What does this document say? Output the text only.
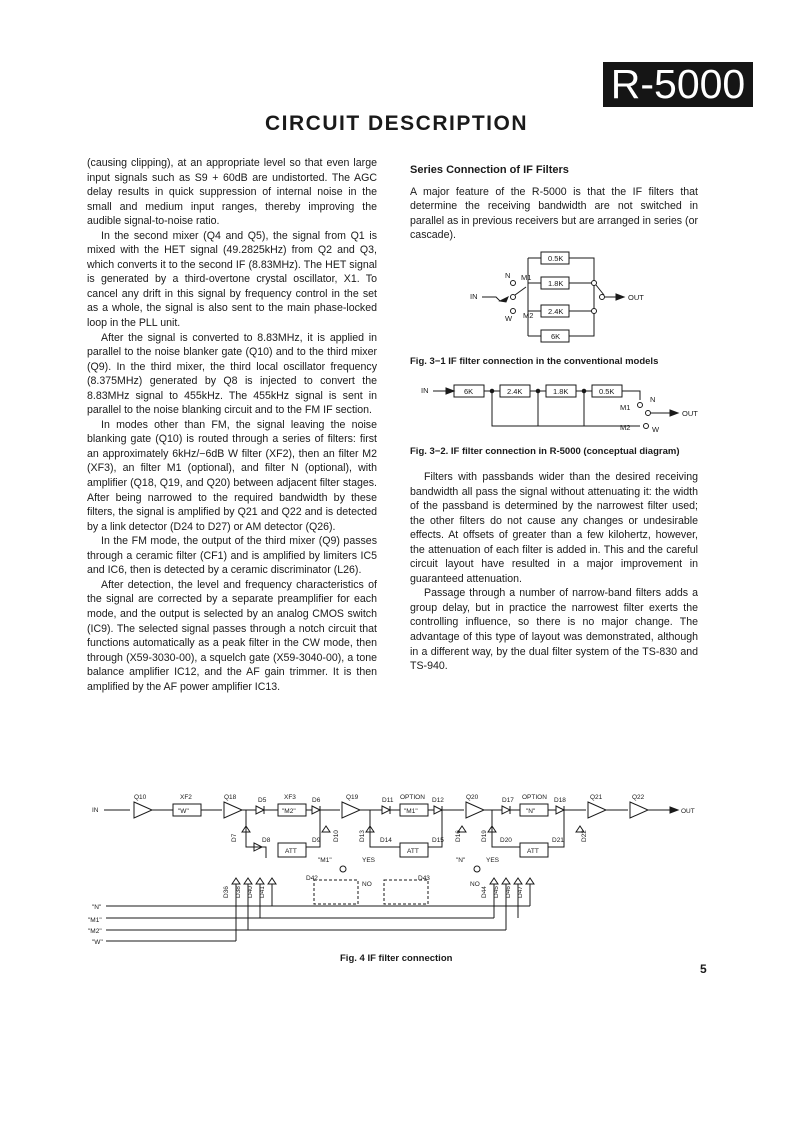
R-5000
CIRCUIT DESCRIPTION

(causing clipping), at an appropriate level so that even large input signals such as S9 + 60dB are undistorted. The AGC delay results in quick suppression of internal noise in the small and medium input ranges, thereby improving the audible signal-to-noise ratio.

In the second mixer (Q4 and Q5), the signal from Q1 is mixed with the HET signal (49.2825kHz) from Q2 and Q3, which converts it to the second IF (8.83MHz). The HET signal is generated by a third-overtone crystal oscillator, X1. To cancel any drift in this signal by frequency control in the set as a whole, the signal is also sent to the main phase-locked loop in the PLL unit.

After the signal is converted to 8.83MHz, it is applied in parallel to the noise blanker gate (Q10) and to the third mixer (Q9). In the third mixer, the third local oscillator frequency (8.375MHz) generated by Q8 is injected to convert the 8.83MHz signal to 455kHz. The 455kHz signal is sent in parallel to the noise blanking circuit and to the FM IF section.

In modes other than FM, the signal leaving the noise blanking gate (Q10) is routed through a series of filters: first an approximately 6kHz/−6dB W filter (XF2), then an filter M2 (XF3), an filter M1 (optional), and filter N (optional), with amplifier (Q18, Q19, and Q20) between adjacent filter stages. After being narrowed to the required bandwidth by these filters, the signal is amplified by Q21 and Q22 and is detected by a link detector (D24 to D27) or AM detector (Q26).

In the FM mode, the output of the third mixer (Q9) passes through a ceramic filter (CF1) and is amplified by limiters IC5 and IC6, then is detected by a ceramic discriminator (L26).

After detection, the level and frequency characteristics of the signal are corrected by a separate preamplifier for each mode, and the output is selected by an analog CMOS switch (IC9). The selected signal passes through a notch circuit that functions automatically as a peak filter in the CW mode, then through (X59-3030-00), a squelch gate (X59-3040-00), a tone balance amplifier IC12, and the AF gain trimmer. It is then amplified by the AF power amplifier IC13.

Series Connection of IF Filters

A major feature of the R-5000 is that the IF filters that determine the receiving bandwidth are not switched in parallel as in previous receivers but are arranged in series (or cascade).

Filters with passbands wider than the desired receiving bandwidth all pass the signal without attenuating it: the width of the passband is determined by the narrowest filter used; the other filters do not cause any changes or undesirable effects. At offsets of greater than a few kilohertz, however, the attenuation of each filter is added in. This and the careful circuit layout have resulted in a major improvement in guaranteed attenuation.

Passage through a number of narrow-band filters adds a group delay, but in practice the narrowest filter exerts the controlling influence, so there is no major change. The advantage of this type of layout was demonstrated, although in a different way, by the dual filter system of the TS-830 and TS-940.

Fig. 3−1 IF filter connection in the conventional models

Fig. 3−2. IF filter connection in R-5000 (conceptual diagram)

Fig. 4 IF filter connection

IN
N M1
M2
W
0.5K
1.8K
2.4K
6K
OUT
IN	6K	2.4K	1.8K	0.5K
N
M1
OUT
M2	W
IN
Q10
"W"
XF2	Q18	D5
"M2"
XF3 D6	Q19	D11
"M1"
OPTION D12	Q20	D17
"N"
OPTION D18	Q21	Q22
OUT
D7	D8
ATT
D9 D10	D13 D14
ATT
D15 D16
"M1"	YES
NO
D19 D20
ATT
D21	D22
"N"	YES
NO
D42	D43
D36 D38 D40 D41	D44 D45 D46 D47
"N"
"M1"
"M2"
"W"
5
